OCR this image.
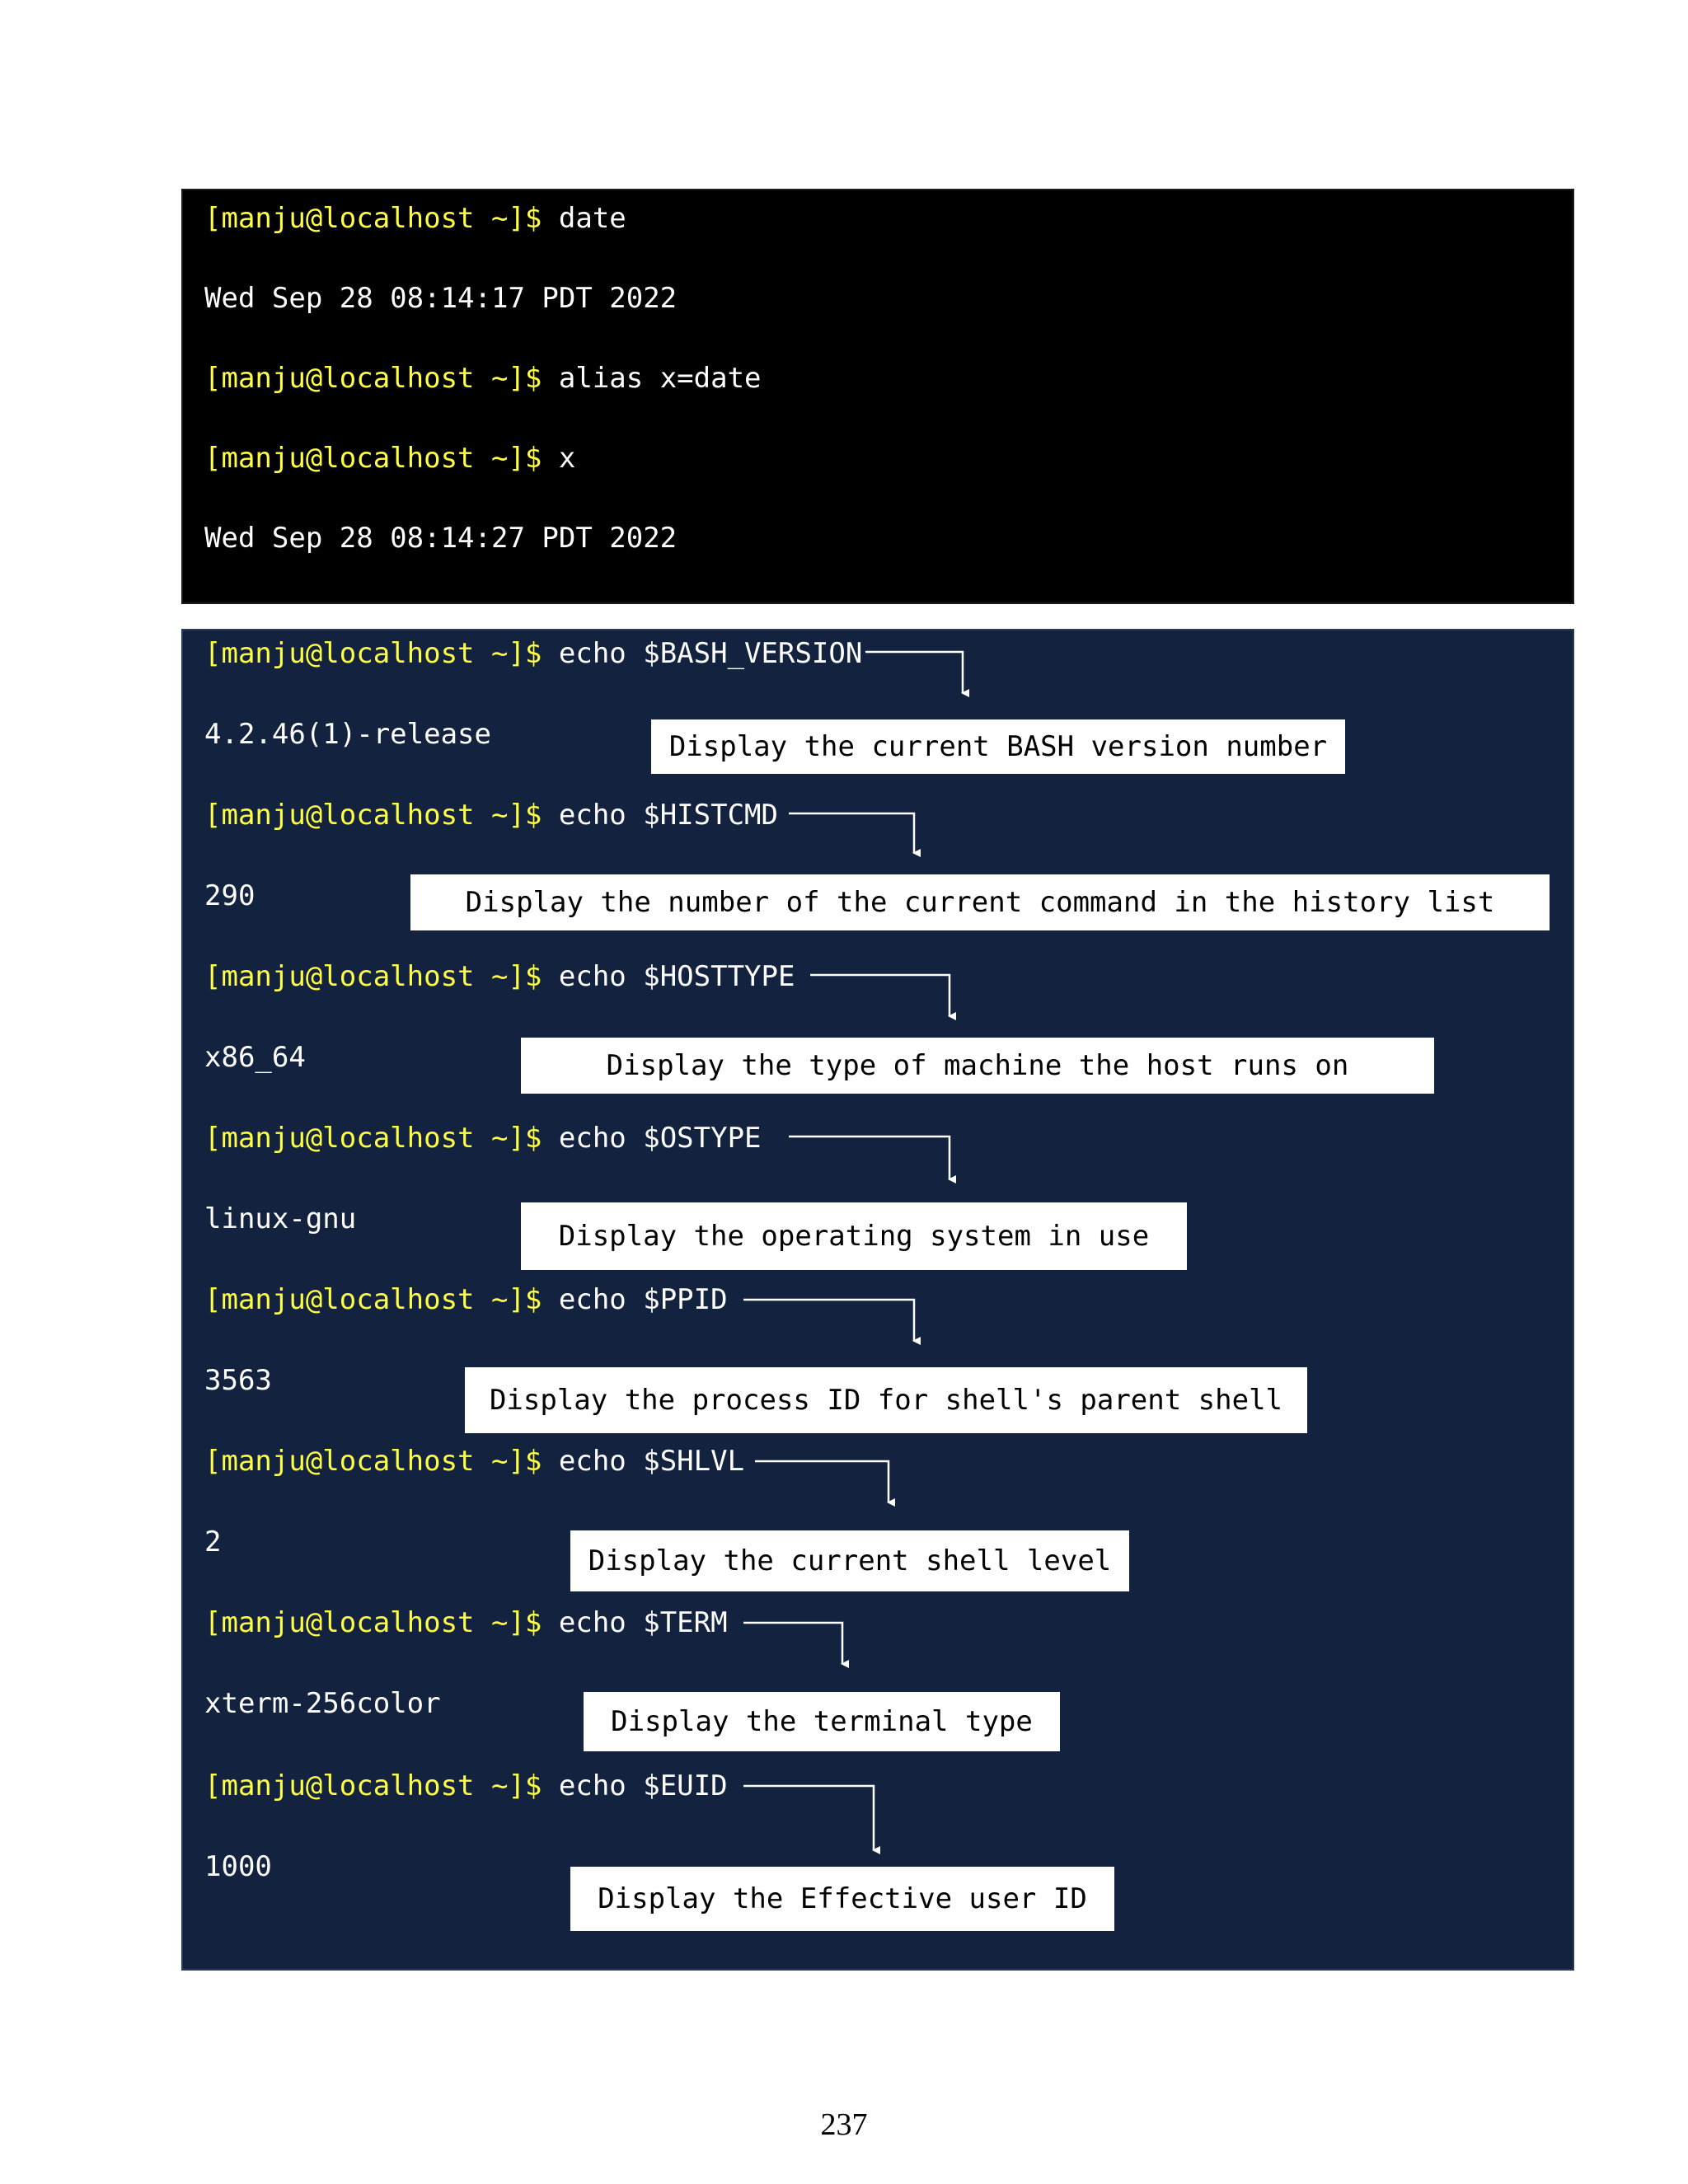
[manju@localhost ~]$ date
Wed Sep 28 08:14:17 PDT 2022
[manju@localhost ~]$ alias x=date
[manju@localhost ~]$ x
Wed Sep 28 08:14:27 PDT 2022
[manju@localhost ~]$ echo $BASH_VERSION
4.2.46(1)-release	Display the current BASH version number
[manju@localhost ~]$ echo $HISTCMD
290	Display the number of the current command in the history list
[manju@localhost ~]$ echo $HOSTTYPE
x86_64	Display the type of machine the host runs on
[manju@localhost ~]$ echo $OSTYPE
linux-gnu
Display the operating system in use
[manju@localhost ~]$ echo $PPID
3563
Display the process ID for shell's parent shell
[manju@localhost ~]$ echo $SHLVL
2
Display the current shell level
[manju@localhost ~]$ echo $TERM
xterm-256color
Display the terminal type
[manju@localhost ~]$ echo $EUID
1000
Display the Effective user ID
237
